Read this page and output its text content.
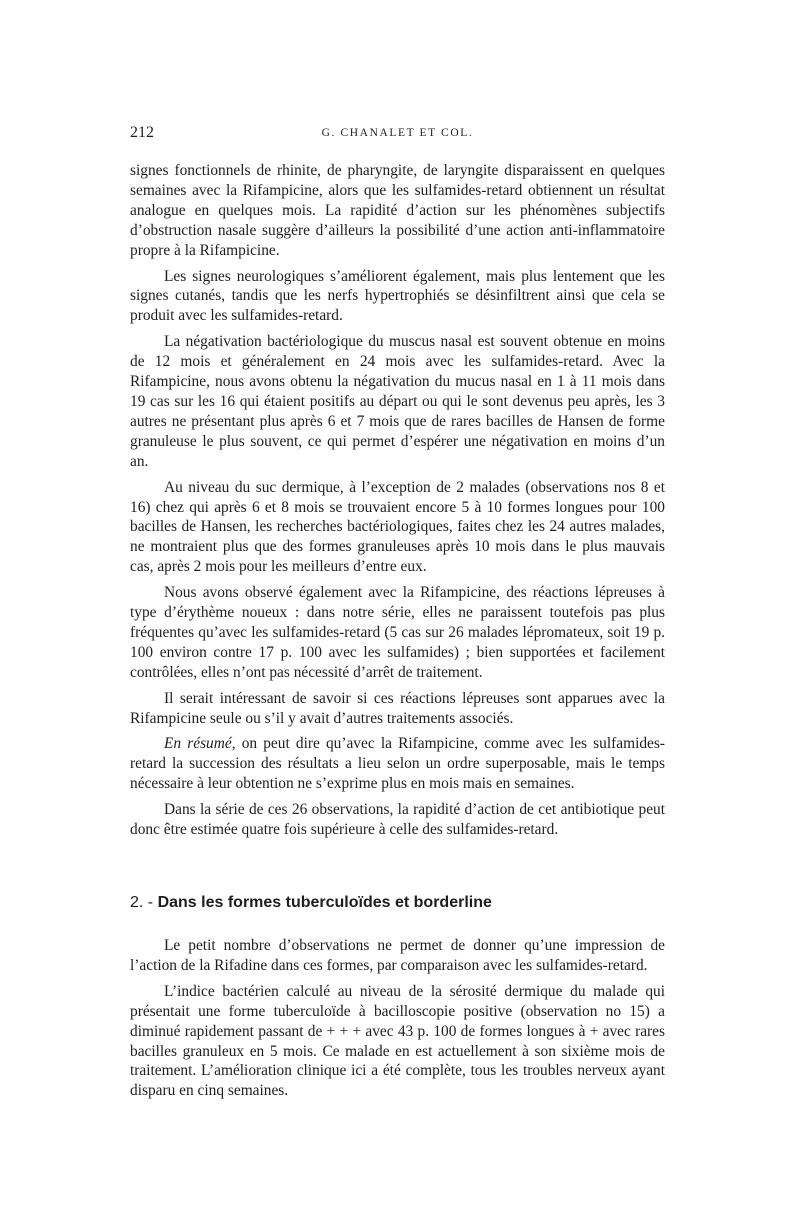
212	G. CHANALET ET COL.

signes fonctionnels de rhinite, de pharyngite, de laryngite disparaissent en quelques semaines avec la Rifampicine, alors que les sulfamides-retard obtiennent un résultat analogue en quelques mois. La rapidité d’action sur les phénomènes subjectifs d’obstruction nasale suggère d’ailleurs la possibilité d’une action anti-inflammatoire propre à la Rifampicine.

Les signes neurologiques s’améliorent également, mais plus lentement que les signes cutanés, tandis que les nerfs hypertrophiés se désinfiltrent ainsi que cela se produit avec les sulfamides-retard.

La négativation bactériologique du muscus nasal est souvent obtenue en moins de 12 mois et généralement en 24 mois avec les sulfamides-retard. Avec la Rifampicine, nous avons obtenu la négativation du mucus nasal en 1 à 11 mois dans 19 cas sur les 16 qui étaient positifs au départ ou qui le sont devenus peu après, les 3 autres ne présentant plus après 6 et 7 mois que de rares bacilles de Hansen de forme granuleuse le plus souvent, ce qui permet d’espérer une négativation en moins d’un an.

Au niveau du suc dermique, à l’exception de 2 malades (observations nos 8 et 16) chez qui après 6 et 8 mois se trouvaient encore 5 à 10 formes longues pour 100 bacilles de Hansen, les recherches bactériologiques, faites chez les 24 autres malades, ne montraient plus que des formes granuleuses après 10 mois dans le plus mauvais cas, après 2 mois pour les meilleurs d’entre eux.

Nous avons observé également avec la Rifampicine, des réactions lépreuses à type d’érythème noueux : dans notre série, elles ne paraissent toutefois pas plus fréquentes qu’avec les sulfamides-retard (5 cas sur 26 malades lépromateux, soit 19 p. 100 environ contre 17 p. 100 avec les sulfamides) ; bien supportées et facilement contrôlées, elles n’ont pas nécessité d’arrêt de traitement.

Il serait intéressant de savoir si ces réactions lépreuses sont apparues avec la Rifampicine seule ou s’il y avait d’autres traitements associés.

En résumé, on peut dire qu’avec la Rifampicine, comme avec les sulfamides-retard la succession des résultats a lieu selon un ordre superposable, mais le temps nécessaire à leur obtention ne s’exprime plus en mois mais en semaines.

Dans la série de ces 26 observations, la rapidité d’action de cet antibiotique peut donc être estimée quatre fois supérieure à celle des sulfamides-retard.

2. - Dans les formes tuberculoïdes et borderline

Le petit nombre d’observations ne permet de donner qu’une impression de l’action de la Rifadine dans ces formes, par comparaison avec les sulfamides-retard.

L’indice bactérien calculé au niveau de la sérosité dermique du malade qui présentait une forme tuberculoïde à bacilloscopie positive (observation no 15) a diminué rapidement passant de + + + avec 43 p. 100 de formes longues à + avec rares bacilles granuleux en 5 mois. Ce malade en est actuellement à son sixième mois de traitement. L’amélioration clinique ici a été complète, tous les troubles nerveux ayant disparu en cinq semaines.
